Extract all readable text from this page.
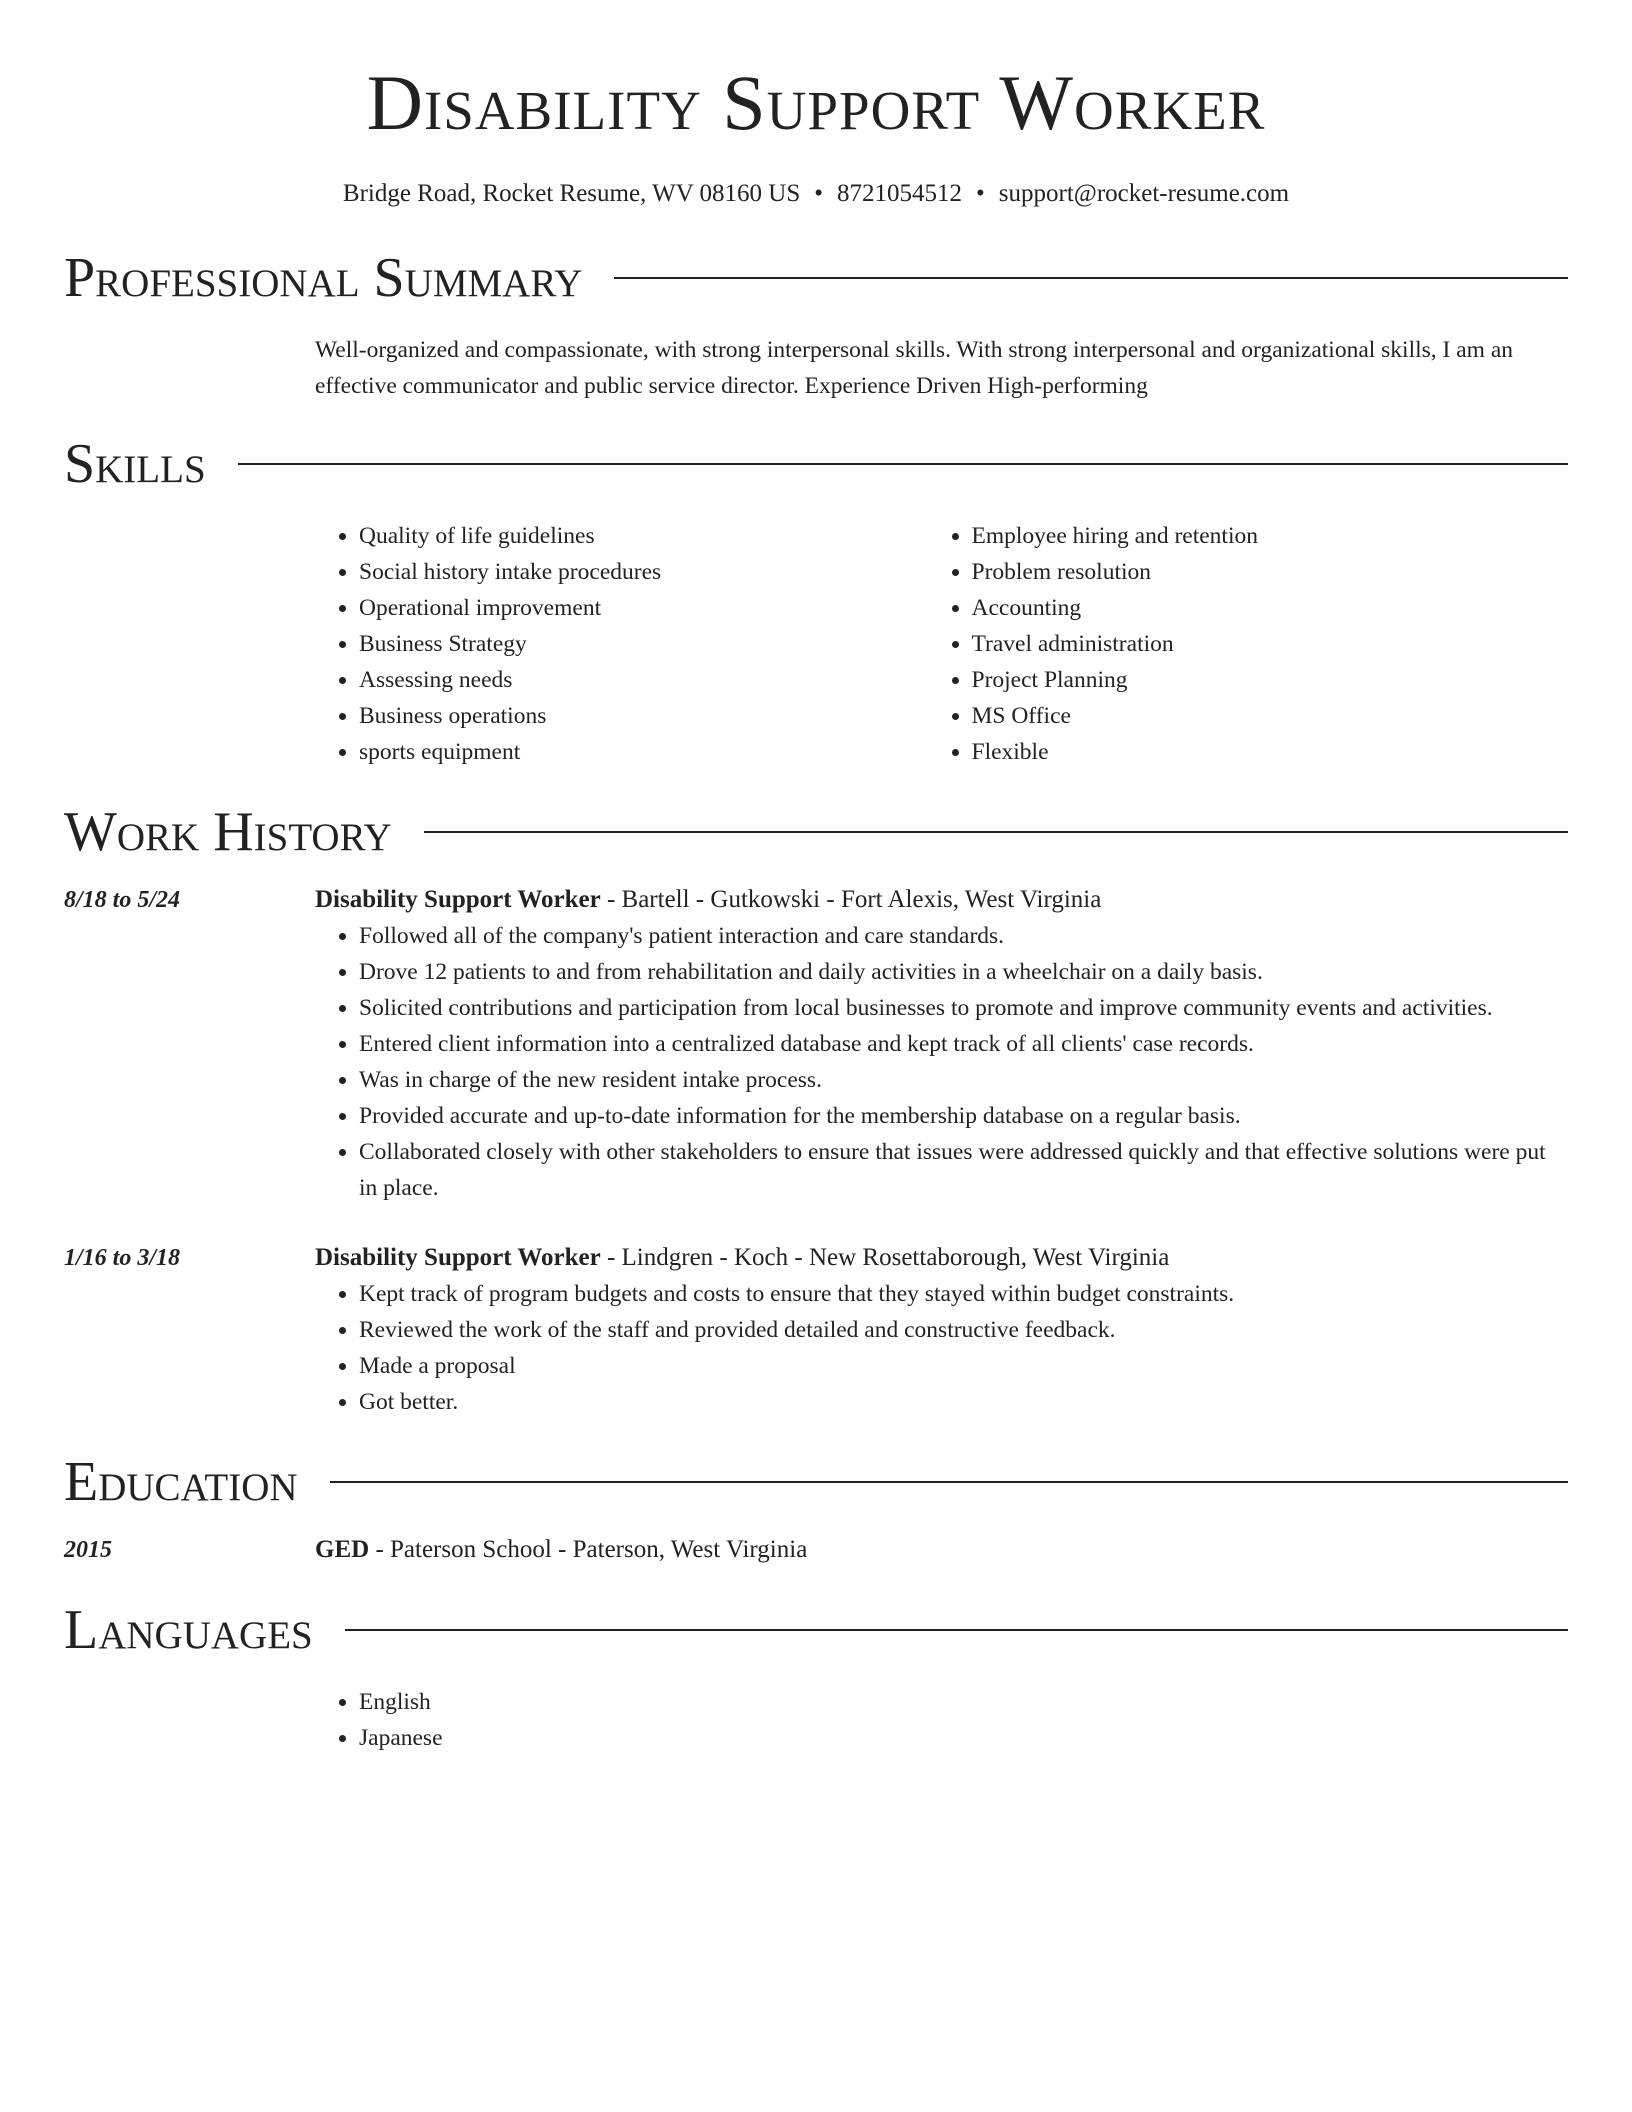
Disability Support Worker
Bridge Road, Rocket Resume, WV 08160 US • 8721054512 • support@rocket-resume.com
Professional Summary

Well-organized and compassionate, with strong interpersonal skills. With strong interpersonal and organizational skills, I am an effective communicator and public service director. Experience Driven High-performing

Skills
• Quality of life guidelines
• Social history intake procedures
• Operational improvement
• Business Strategy
• Assessing needs
• Business operations
• sports equipment
• Employee hiring and retention
• Problem resolution
• Accounting
• Travel administration
• Project Planning
• MS Office
• Flexible
Work History
8/18 to 5/24	Disability Support Worker - Bartell - Gutkowski - Fort Alexis, West Virginia
• Followed all of the company's patient interaction and care standards.
• Drove 12 patients to and from rehabilitation and daily activities in a wheelchair on a daily basis.
• Solicited contributions and participation from local businesses to promote and improve community events and activities.
• Entered client information into a centralized database and kept track of all clients' case records.
• Was in charge of the new resident intake process.
• Provided accurate and up-to-date information for the membership database on a regular basis.
• Collaborated closely with other stakeholders to ensure that issues were addressed quickly and that effective solutions were put in place.
1/16 to 3/18	Disability Support Worker - Lindgren - Koch - New Rosettaborough, West Virginia
• Kept track of program budgets and costs to ensure that they stayed within budget constraints.
• Reviewed the work of the staff and provided detailed and constructive feedback.
• Made a proposal
• Got better.
Education
2015	GED - Paterson School - Paterson, West Virginia
Languages
• English
• Japanese
